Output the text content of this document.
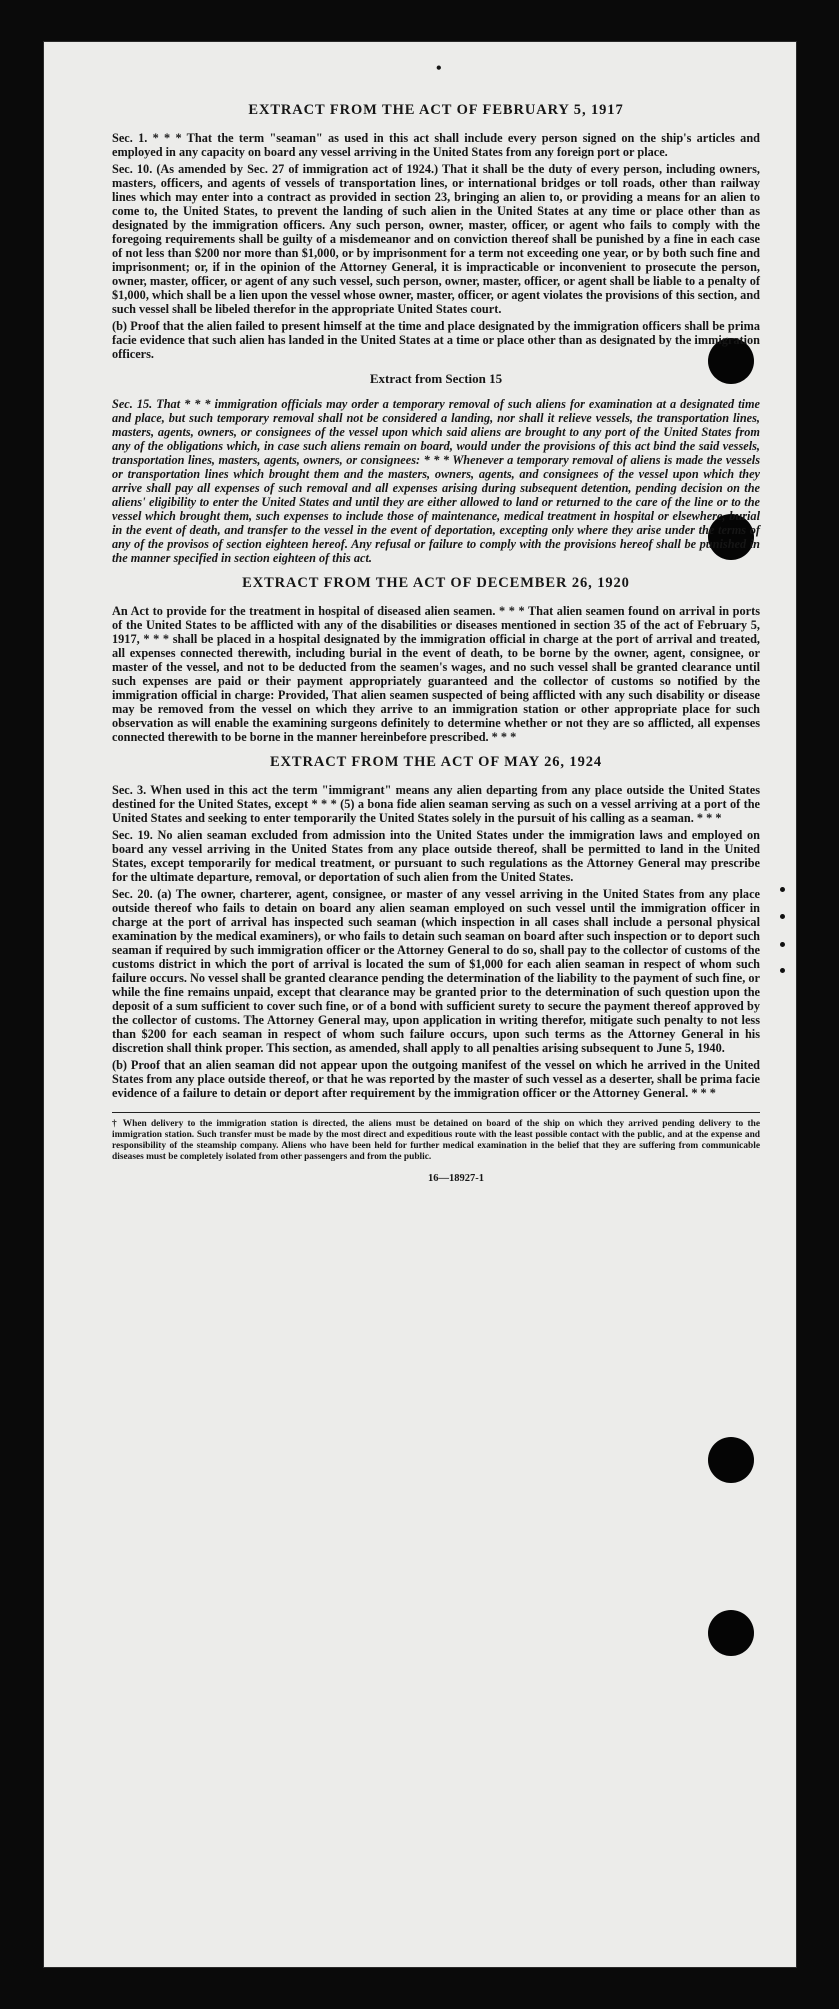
•
EXTRACT FROM THE ACT OF FEBRUARY 5, 1917

Sec. 1. * * * That the term "seaman" as used in this act shall include every person signed on the ship's articles and employed in any capacity on board any vessel arriving in the United States from any foreign port or place.

Sec. 10. (As amended by Sec. 27 of immigration act of 1924.) That it shall be the duty of every person, including owners, masters, officers, and agents of vessels of transportation lines, or international bridges or toll roads, other than railway lines which may enter into a contract as provided in section 23, bringing an alien to, or providing a means for an alien to come to, the United States, to prevent the landing of such alien in the United States at any time or place other than as designated by the immigration officers. Any such person, owner, master, officer, or agent who fails to comply with the foregoing requirements shall be guilty of a misdemeanor and on conviction thereof shall be punished by a fine in each case of not less than $200 nor more than $1,000, or by imprisonment for a term not exceeding one year, or by both such fine and imprisonment; or, if in the opinion of the Attorney General, it is impracticable or inconvenient to prosecute the person, owner, master, officer, or agent of any such vessel, such person, owner, master, officer, or agent shall be liable to a penalty of $1,000, which shall be a lien upon the vessel whose owner, master, officer, or agent violates the provisions of this section, and such vessel shall be libeled therefor in the appropriate United States court.

(b) Proof that the alien failed to present himself at the time and place designated by the immigration officers shall be prima facie evidence that such alien has landed in the United States at a time or place other than as designated by the immigration officers.

Extract from Section 15

Sec. 15. That * * * immigration officials may order a temporary removal of such aliens for examination at a designated time and place, but such temporary removal shall not be considered a landing, nor shall it relieve vessels, the transportation lines, masters, agents, owners, or consignees of the vessel upon which said aliens are brought to any port of the United States from any of the obligations which, in case such aliens remain on board, would under the provisions of this act bind the said vessels, transportation lines, masters, agents, owners, or consignees: * * * Whenever a temporary removal of aliens is made the vessels or transportation lines which brought them and the masters, owners, agents, and consignees of the vessel upon which they arrive shall pay all expenses of such removal and all expenses arising during subsequent detention, pending decision on the aliens' eligibility to enter the United States and until they are either allowed to land or returned to the care of the line or to the vessel which brought them, such expenses to include those of maintenance, medical treatment in hospital or elsewhere, burial in the event of death, and transfer to the vessel in the event of deportation, excepting only where they arise under the terms of any of the provisos of section eighteen hereof. Any refusal or failure to comply with the provisions hereof shall be punished in the manner specified in section eighteen of this act.

EXTRACT FROM THE ACT OF DECEMBER 26, 1920

An Act to provide for the treatment in hospital of diseased alien seamen. * * * That alien seamen found on arrival in ports of the United States to be afflicted with any of the disabilities or diseases mentioned in section 35 of the act of February 5, 1917, * * * shall be placed in a hospital designated by the immigration official in charge at the port of arrival and treated, all expenses connected therewith, including burial in the event of death, to be borne by the owner, agent, consignee, or master of the vessel, and not to be deducted from the seamen's wages, and no such vessel shall be granted clearance until such expenses are paid or their payment appropriately guaranteed and the collector of customs so notified by the immigration official in charge: Provided, That alien seamen suspected of being afflicted with any such disability or disease may be removed from the vessel on which they arrive to an immigration station or other appropriate place for such observation as will enable the examining surgeons definitely to determine whether or not they are so afflicted, all expenses connected therewith to be borne in the manner hereinbefore prescribed. * * *

EXTRACT FROM THE ACT OF MAY 26, 1924

Sec. 3. When used in this act the term "immigrant" means any alien departing from any place outside the United States destined for the United States, except * * * (5) a bona fide alien seaman serving as such on a vessel arriving at a port of the United States and seeking to enter temporarily the United States solely in the pursuit of his calling as a seaman. * * *

Sec. 19. No alien seaman excluded from admission into the United States under the immigration laws and employed on board any vessel arriving in the United States from any place outside thereof, shall be permitted to land in the United States, except temporarily for medical treatment, or pursuant to such regulations as the Attorney General may prescribe for the ultimate departure, removal, or deportation of such alien from the United States.

Sec. 20. (a) The owner, charterer, agent, consignee, or master of any vessel arriving in the United States from any place outside thereof who fails to detain on board any alien seaman employed on such vessel until the immigration officer in charge at the port of arrival has inspected such seaman (which inspection in all cases shall include a personal physical examination by the medical examiners), or who fails to detain such seaman on board after such inspection or to deport such seaman if required by such immigration officer or the Attorney General to do so, shall pay to the collector of customs of the customs district in which the port of arrival is located the sum of $1,000 for each alien seaman in respect of whom such failure occurs. No vessel shall be granted clearance pending the determination of the liability to the payment of such fine, or while the fine remains unpaid, except that clearance may be granted prior to the determination of such question upon the deposit of a sum sufficient to cover such fine, or of a bond with sufficient surety to secure the payment thereof approved by the collector of customs. The Attorney General may, upon application in writing therefor, mitigate such penalty to not less than $200 for each seaman in respect of whom such failure occurs, upon such terms as the Attorney General in his discretion shall think proper. This section, as amended, shall apply to all penalties arising subsequent to June 5, 1940.

(b) Proof that an alien seaman did not appear upon the outgoing manifest of the vessel on which he arrived in the United States from any place outside thereof, or that he was reported by the master of such vessel as a deserter, shall be prima facie evidence of a failure to detain or deport after requirement by the immigration officer or the Attorney General. * * *

† When delivery to the immigration station is directed, the aliens must be detained on board of the ship on which they arrived pending delivery to the immigration station. Such transfer must be made by the most direct and expeditious route with the least possible contact with the public, and at the expense and responsibility of the steamship company. Aliens who have been held for further medical examination in the belief that they are suffering from communicable diseases must be completely isolated from other passengers and from the public.

16—18927-1
